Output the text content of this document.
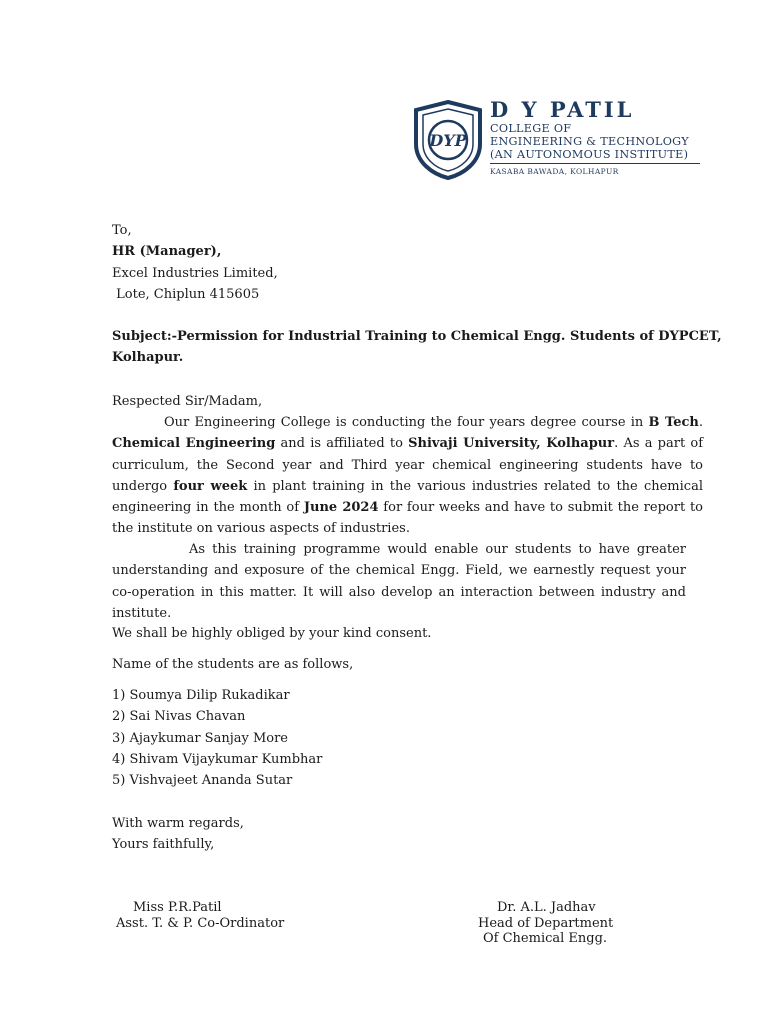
DYP
D Y PATIL
COLLEGE OF
ENGINEERING & TECHNOLOGY
(AN AUTONOMOUS INSTITUTE)
KASABA BAWADA, KOLHAPUR
To,
HR (Manager),
Excel Industries Limited,
Lote, Chiplun 415605
Subject:-Permission for Industrial Training to Chemical Engg. Students of DYPCET,
Kolhapur.
Respected Sir/Madam,

Our Engineering College is conducting the four years degree course in B Tech. Chemical Engineering and is affiliated to Shivaji University, Kolhapur. As a part of curriculum, the Second year and Third year chemical engineering students have to undergo four week in plant training in the various industries related to the chemical engineering in the month of June 2024 for four weeks and have to submit the report to the institute on various aspects of industries.

As this training programme would enable our students to have greater understanding and exposure of the chemical Engg. Field, we earnestly request your co-operation in this matter. It will also develop an interaction between industry and institute.

We shall be highly obliged by your kind consent.
Name of the students are as follows,
1) Soumya Dilip Rukadikar
2) Sai Nivas Chavan
3) Ajaykumar Sanjay More
4) Shivam Vijaykumar Kumbhar
5) Vishvajeet Ananda Sutar
With warm regards,
Yours faithfully,
Miss P.R.Patil
Asst. T. & P. Co-Ordinator
Dr. A.L. Jadhav
Head of Department
Of Chemical Engg.
